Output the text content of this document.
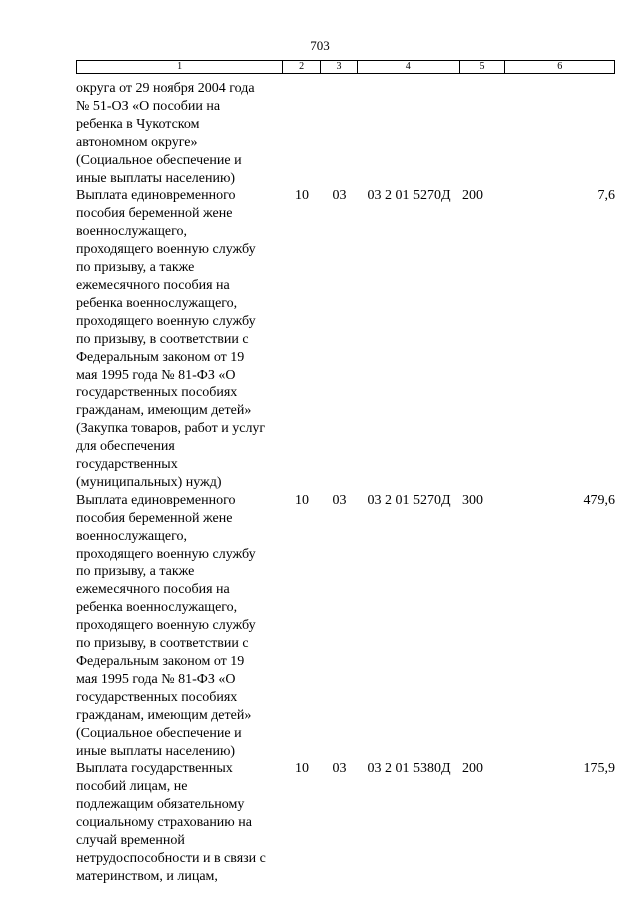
703
1	2	3	4	5	6
округа от 29 ноября 2004 года
№ 51-ОЗ «О пособии на
ребенка в Чукотском
автономном округе»
(Социальное обеспечение и
иные выплаты населению)
Выплата единовременного
пособия беременной жене
военнослужащего,
проходящего военную службу
по призыву, а также
ежемесячного пособия на
ребенка военнослужащего,
проходящего военную службу
по призыву, в соответствии с
Федеральным законом от 19
мая 1995 года № 81-ФЗ «О
государственных пособиях
гражданам, имеющим детей»
(Закупка товаров, работ и услуг
для обеспечения
государственных
(муниципальных) нужд)
10	03	03 2 01 5270Д 200	7,6
Выплата единовременного
пособия беременной жене
военнослужащего,
проходящего военную службу
по призыву, а также
ежемесячного пособия на
ребенка военнослужащего,
проходящего военную службу
по призыву, в соответствии с
Федеральным законом от 19
мая 1995 года № 81-ФЗ «О
государственных пособиях
гражданам, имеющим детей»
(Социальное обеспечение и
иные выплаты населению)
10	03	03 2 01 5270Д 300	479,6
Выплата государственных
пособий лицам, не
подлежащим обязательному
социальному страхованию на
случай временной
нетрудоспособности и в связи с
материнством, и лицам,
10	03	03 2 01 5380Д 200	175,9
